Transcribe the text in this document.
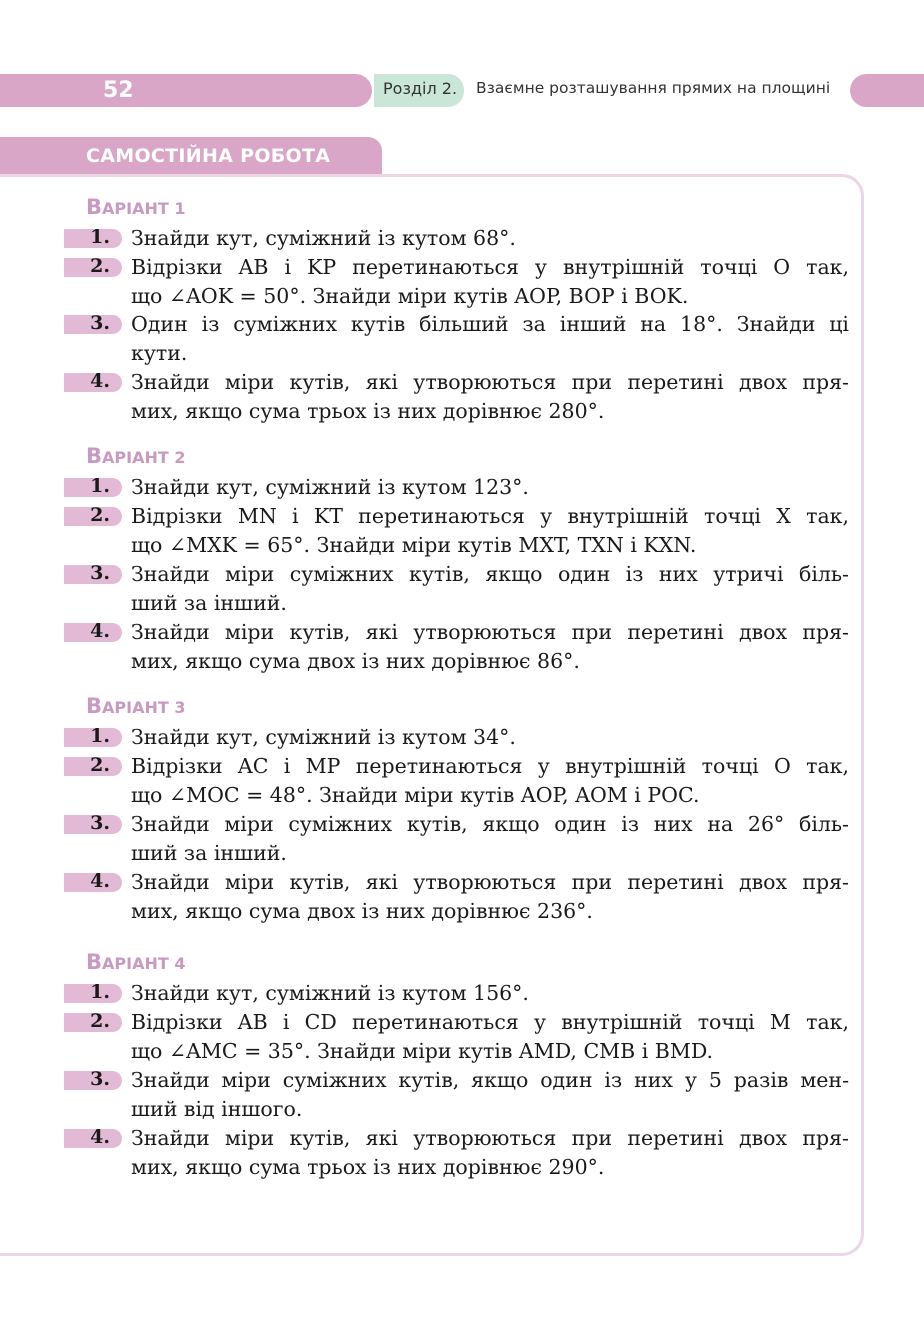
52	Розділ 2. Взаємне розташування прямих на площині
САМОСТІЙНА РОБОТА
ВАРІАНТ 1
1. Знайди кут, суміжний із кутом 68°.
2. Відрізки AB і KP перетинаються у внутрішній точці O так,
що ∠AOK = 50°. Знайди міри кутів AOP, BOP і BOK.
3. Один із суміжних кутів більший за інший на 18°. Знайди ці
кути.
4. Знайди міри кутів, які утворюються при перетині двох пря-
мих, якщо сума трьох із них дорівнює 280°.
ВАРІАНТ 2
1. Знайди кут, суміжний із кутом 123°.
2. Відрізки MN і KT перетинаються у внутрішній точці X так,
що ∠MXK = 65°. Знайди міри кутів MXT, TXN і KXN.
3. Знайди міри суміжних кутів, якщо один із них утричі біль-
ший за інший.
4. Знайди міри кутів, які утворюються при перетині двох пря-
мих, якщо сума двох із них дорівнює 86°.
ВАРІАНТ 3
1. Знайди кут, суміжний із кутом 34°.
2. Відрізки AC і MP перетинаються у внутрішній точці O так,
що ∠MOC = 48°. Знайди міри кутів AOP, AOM і POC.
3. Знайди міри суміжних кутів, якщо один із них на 26° біль-
ший за інший.
4. Знайди міри кутів, які утворюються при перетині двох пря-
мих, якщо сума двох із них дорівнює 236°.
ВАРІАНТ 4
1. Знайди кут, суміжний із кутом 156°.
2. Відрізки AB і CD перетинаються у внутрішній точці M так,
що ∠AMC = 35°. Знайди міри кутів AMD, CMB і BMD.
3. Знайди міри суміжних кутів, якщо один із них у 5 разів мен-
ший від іншого.
4. Знайди міри кутів, які утворюються при перетині двох пря-
мих, якщо сума трьох із них дорівнює 290°.
